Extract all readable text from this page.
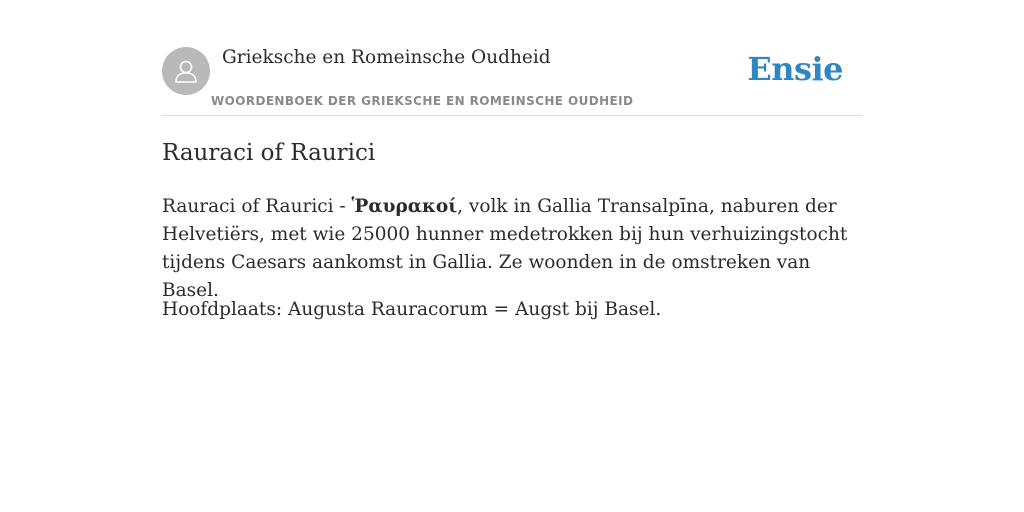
Grieksche en Romeinsche Oudheid
WOORDENBOEK DER GRIEKSCHE EN ROMEINSCHE OUDHEID
Ensie
Rauraci of Raurici

Rauraci of Raurici - Ῥαυρακοί, volk in Gallia Transalpīna, naburen der Helvetiërs, met wie 25000 hunner medetrokken bij hun verhuizingstocht tijdens Caesars aankomst in Gallia. Ze woonden in de omstreken van Basel.

Hoofdplaats: Augusta Rauracorum = Augst bij Basel.
